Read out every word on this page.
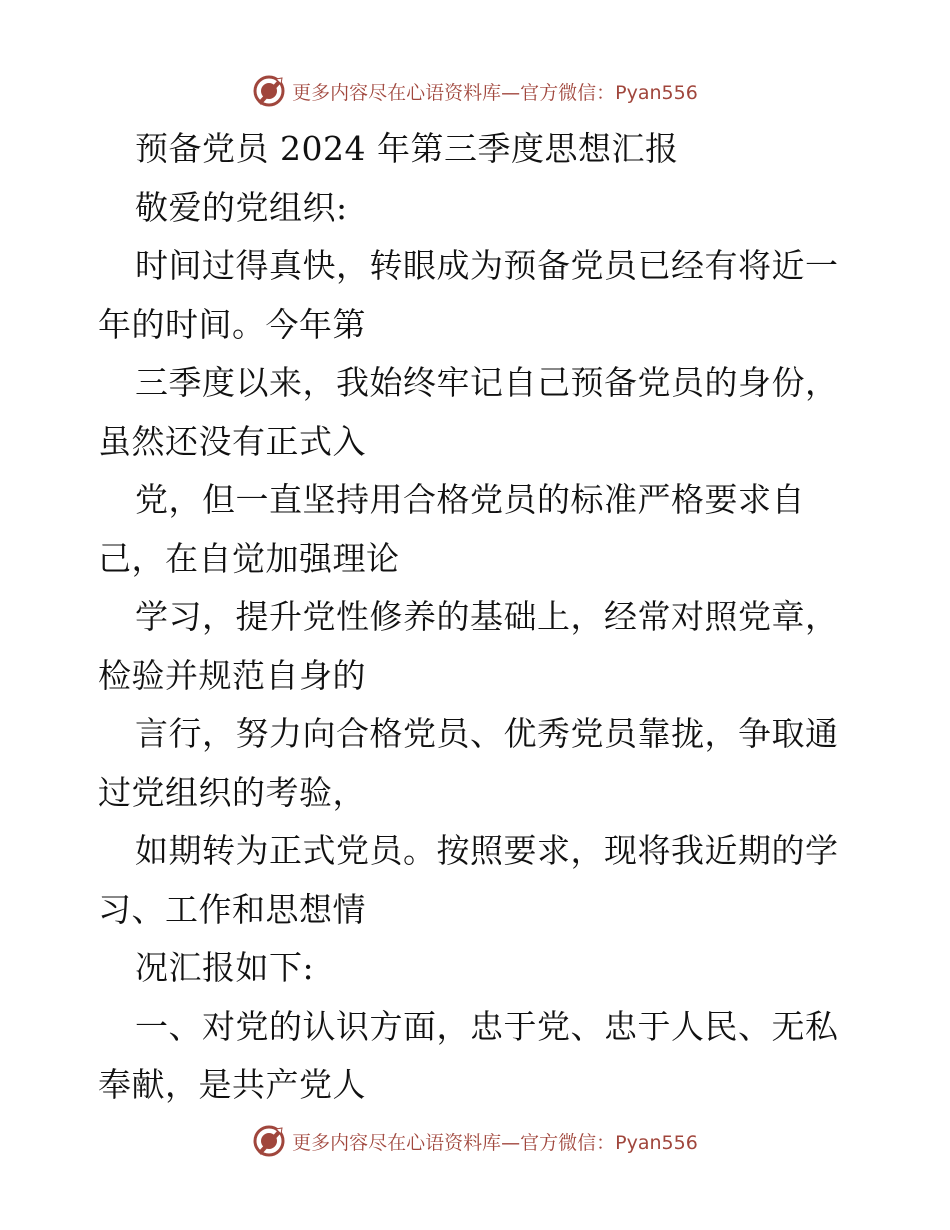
更多内容尽在心语资料库—官方微信：Pyan556
预备党员 2024 年第三季度思想汇报
敬爱的党组织:
时间过得真快，转眼成为预备党员已经有将近一
年的时间。今年第
三季度以来，我始终牢记自己预备党员的身份，
虽然还没有正式入
党，但一直坚持用合格党员的标准严格要求自
己，在自觉加强理论
学习，提升党性修养的基础上，经常对照党章，
检验并规范自身的
言行，努力向合格党员、优秀党员靠拢，争取通
过党组织的考验，
如期转为正式党员。按照要求，现将我近期的学
习、工作和思想情
况汇报如下:
一、对党的认识方面，忠于党、忠于人民、无私
奉献，是共产党人
更多内容尽在心语资料库—官方微信：Pyan556
